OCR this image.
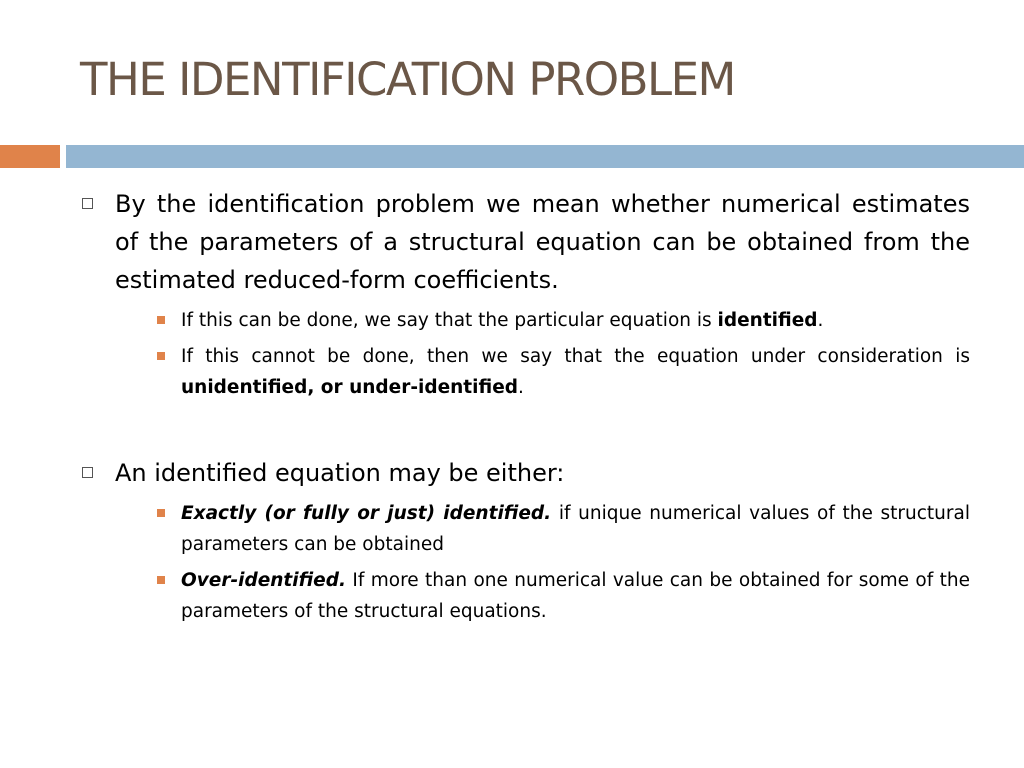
THE IDENTIFICATION PROBLEM
By the identification problem we mean whether numerical estimates of the parameters of a structural equation can be obtained from the estimated reduced-form coefficients.
If this can be done, we say that the particular equation is identified.
If this cannot be done, then we say that the equation under consideration is unidentified, or under-identified.
An identified equation may be either:
Exactly (or fully or just) identified. if unique numerical values of the structural parameters can be obtained
Over-identified. If more than one numerical value can be obtained for some of the parameters of the structural equations.
